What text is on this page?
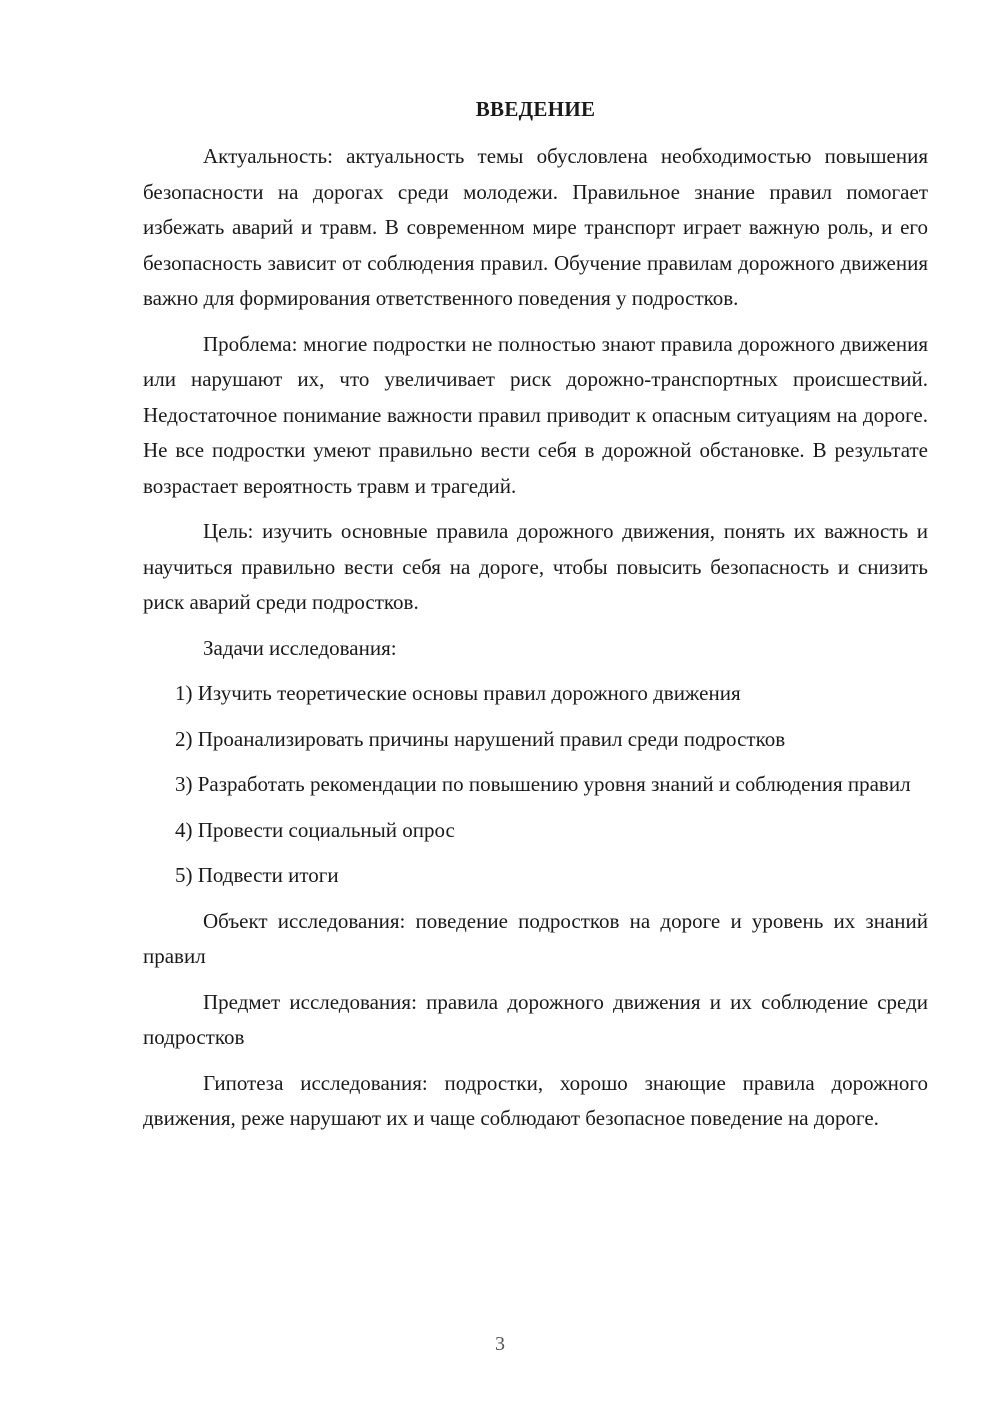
ВВЕДЕНИЕ

Актуальность: актуальность темы обусловлена необходимостью повышения безопасности на дорогах среди молодежи. Правильное знание правил помогает избежать аварий и травм. В современном мире транспорт играет важную роль, и его безопасность зависит от соблюдения правил. Обучение правилам дорожного движения важно для формирования ответственного поведения у подростков.

Проблема: многие подростки не полностью знают правила дорожного движения или нарушают их, что увеличивает риск дорожно-транспортных происшествий. Недостаточное понимание важности правил приводит к опасным ситуациям на дороге. Не все подростки умеют правильно вести себя в дорожной обстановке. В результате возрастает вероятность травм и трагедий.

Цель: изучить основные правила дорожного движения, понять их важность и научиться правильно вести себя на дороге, чтобы повысить безопасность и снизить риск аварий среди подростков.

Задачи исследования:

1) Изучить теоретические основы правил дорожного движения

2) Проанализировать причины нарушений правил среди подростков

3) Разработать рекомендации по повышению уровня знаний и соблюдения правил

4) Провести социальный опрос

5) Подвести итоги

Объект исследования: поведение подростков на дороге и уровень их знаний правил

Предмет исследования: правила дорожного движения и их соблюдение среди подростков

Гипотеза исследования: подростки, хорошо знающие правила дорожного движения, реже нарушают их и чаще соблюдают безопасное поведение на дороге.

3
